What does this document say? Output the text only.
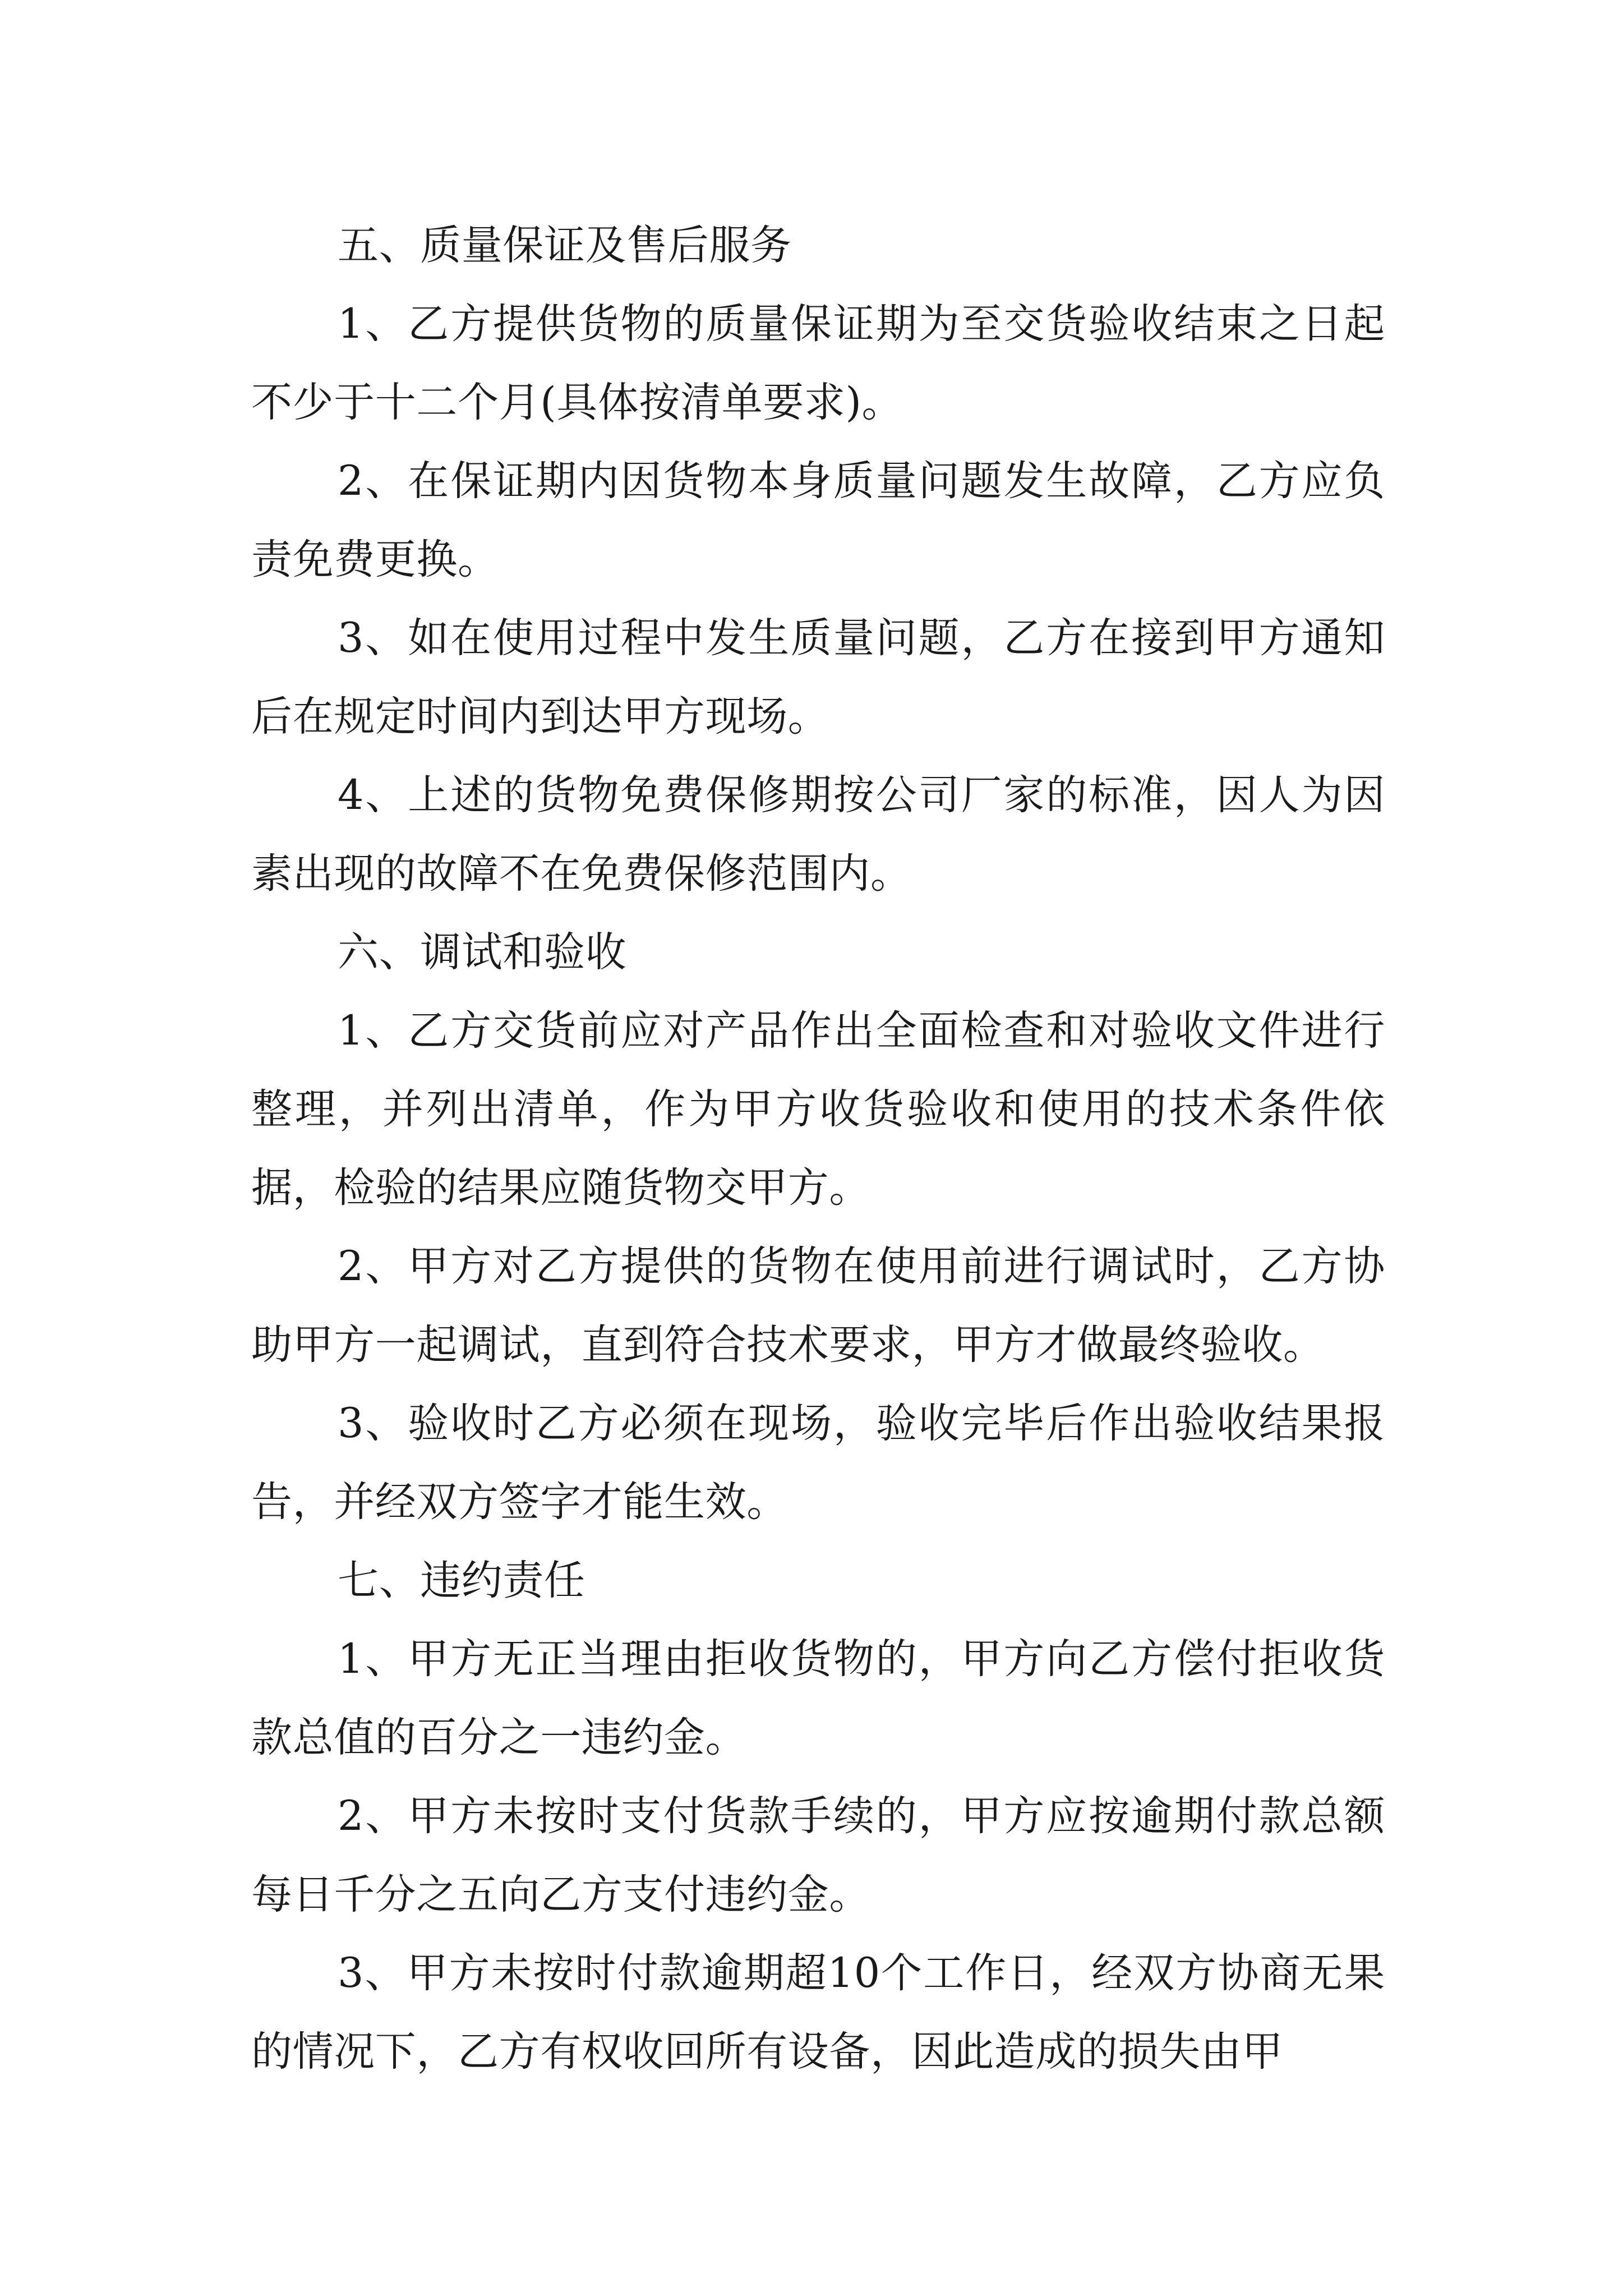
五、质量保证及售后服务

1、乙方提供货物的质量保证期为至交货验收结束之日起不少于十二个月(具体按清单要求)。

2、在保证期内因货物本身质量问题发生故障，乙方应负责免费更换。

3、如在使用过程中发生质量问题，乙方在接到甲方通知后在规定时间内到达甲方现场。

4、上述的货物免费保修期按公司厂家的标准，因人为因素出现的故障不在免费保修范围内。

六、调试和验收

1、乙方交货前应对产品作出全面检查和对验收文件进行整理，并列出清单，作为甲方收货验收和使用的技术条件依据，检验的结果应随货物交甲方。

2、甲方对乙方提供的货物在使用前进行调试时，乙方协助甲方一起调试，直到符合技术要求，甲方才做最终验收。

3、验收时乙方必须在现场，验收完毕后作出验收结果报告，并经双方签字才能生效。

七、违约责任

1、甲方无正当理由拒收货物的，甲方向乙方偿付拒收货款总值的百分之一违约金。

2、甲方未按时支付货款手续的，甲方应按逾期付款总额每日千分之五向乙方支付违约金。

3、甲方未按时付款逾期超10个工作日，经双方协商无果的情况下，乙方有权收回所有设备，因此造成的损失由甲
